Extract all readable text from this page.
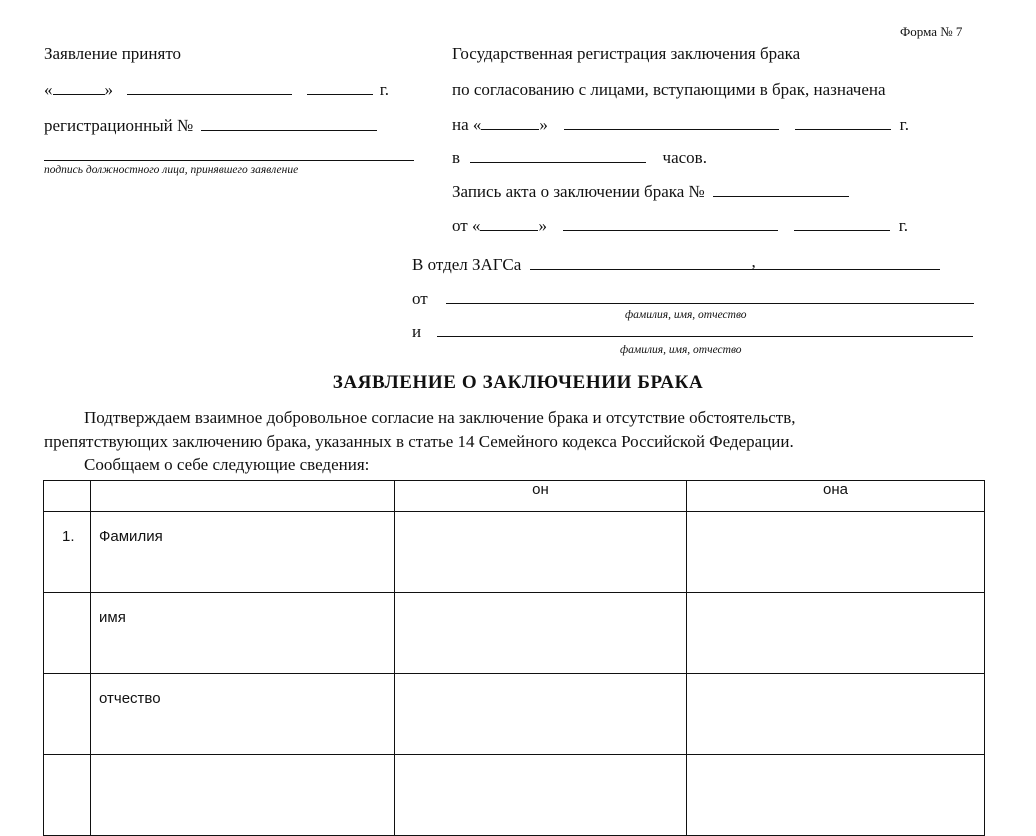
Форма № 7
Заявление принято
«	»	г.
регистрационный №
подпись должностного лица, принявшего заявление
Государственная регистрация заключения брака
по согласованию с лицами, вступающими в брак, назначена
на «	»	г.
в	часов.
Запись акта о заключении брака №
от «	»	г.
В отдел ЗАГСа	,
от
фамилия, имя, отчество
и
фамилия, имя, отчество
ЗАЯВЛЕНИЕ О ЗАКЛЮЧЕНИИ БРАКА
Подтверждаем взаимное добровольное согласие на заключение брака и отсутствие обстоятельств,
препятствующих заключению брака, указанных в статье 14 Семейного кодекса Российской Федерации.
Сообщаем о себе следующие сведения:
		он	она

1.	Фамилия		

	имя		

	отчество		
